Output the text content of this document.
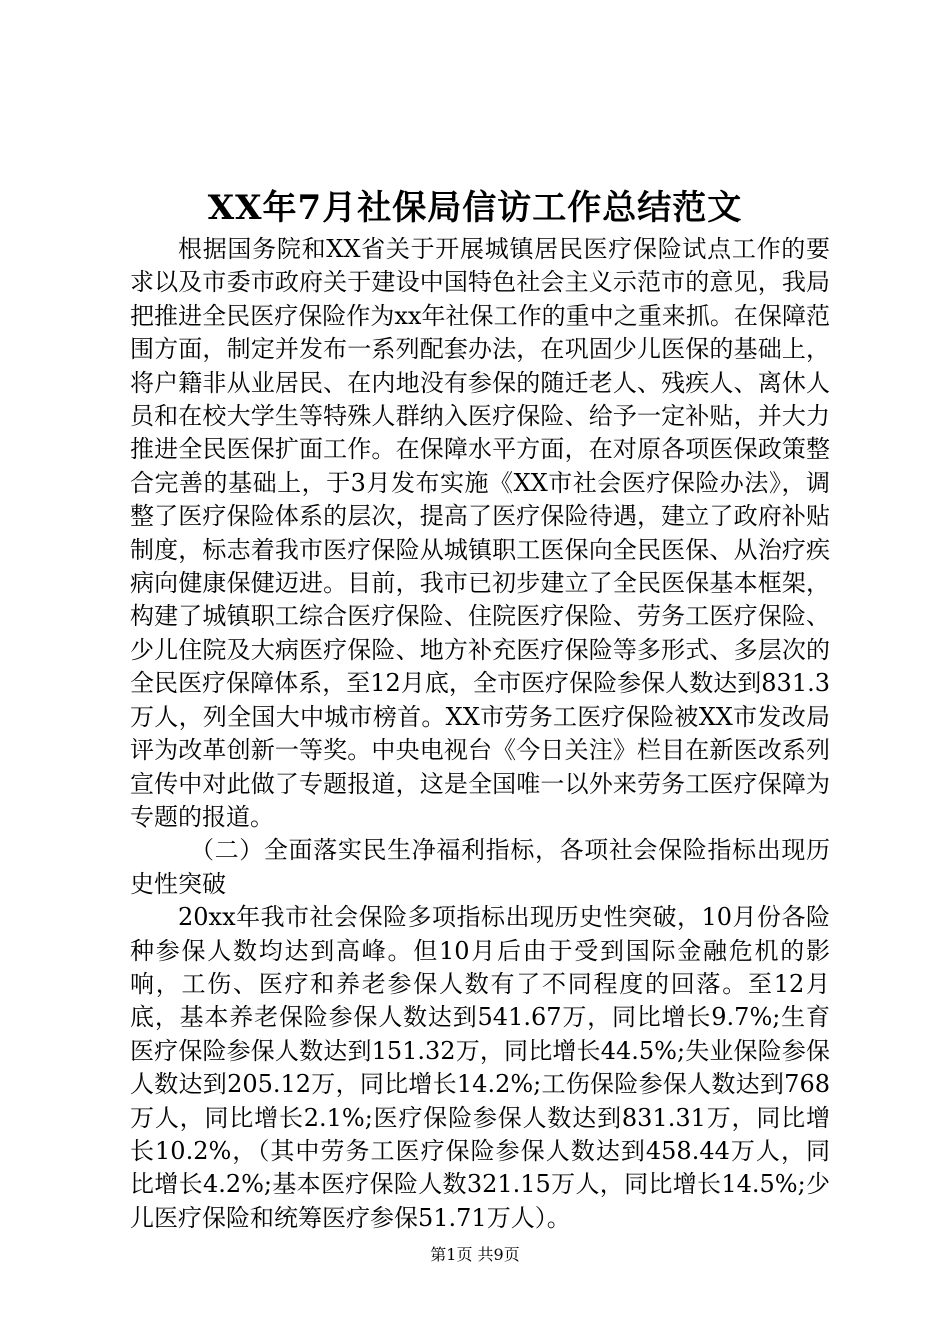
XX年7月社保局信访工作总结范文

根据国务院和XX省关于开展城镇居民医疗保险试点工作的要求以及市委市政府关于建设中国特色社会主义示范市的意见，我局把推进全民医疗保险作为xx年社保工作的重中之重来抓。在保障范围方面，制定并发布一系列配套办法，在巩固少儿医保的基础上，将户籍非从业居民、在内地没有参保的随迁老人、残疾人、离休人员和在校大学生等特殊人群纳入医疗保险、给予一定补贴，并大力推进全民医保扩面工作。在保障水平方面，在对原各项医保政策整合完善的基础上，于3月发布实施《XX市社会医疗保险办法》，调整了医疗保险体系的层次，提高了医疗保险待遇，建立了政府补贴制度，标志着我市医疗保险从城镇职工医保向全民医保、从治疗疾病向健康保健迈进。目前，我市已初步建立了全民医保基本框架，构建了城镇职工综合医疗保险、住院医疗保险、劳务工医疗保险、少儿住院及大病医疗保险、地方补充医疗保险等多形式、多层次的全民医疗保障体系，至12月底，全市医疗保险参保人数达到831.3万人，列全国大中城市榜首。XX市劳务工医疗保险被XX市发改局评为改革创新一等奖。中央电视台《今日关注》栏目在新医改系列宣传中对此做了专题报道，这是全国唯一以外来劳务工医疗保障为专题的报道。

（二）全面落实民生净福利指标，各项社会保险指标出现历史性突破

20xx年我市社会保险多项指标出现历史性突破，10月份各险种参保人数均达到高峰。但10月后由于受到国际金融危机的影响，工伤、医疗和养老参保人数有了不同程度的回落。至12月底，基本养老保险参保人数达到541.67万，同比增长9.7%;生育医疗保险参保人数达到151.32万，同比增长44.5%;失业保险参保人数达到205.12万，同比增长14.2%;工伤保险参保人数达到768万人，同比增长2.1%;医疗保险参保人数达到831.31万，同比增长10.2%，（其中劳务工医疗保险参保人数达到458.44万人，同比增长4.2%;基本医疗保险人数321.15万人，同比增长14.5%;少儿医疗保险和统筹医疗参保51.71万人）。

第1页 共9页
